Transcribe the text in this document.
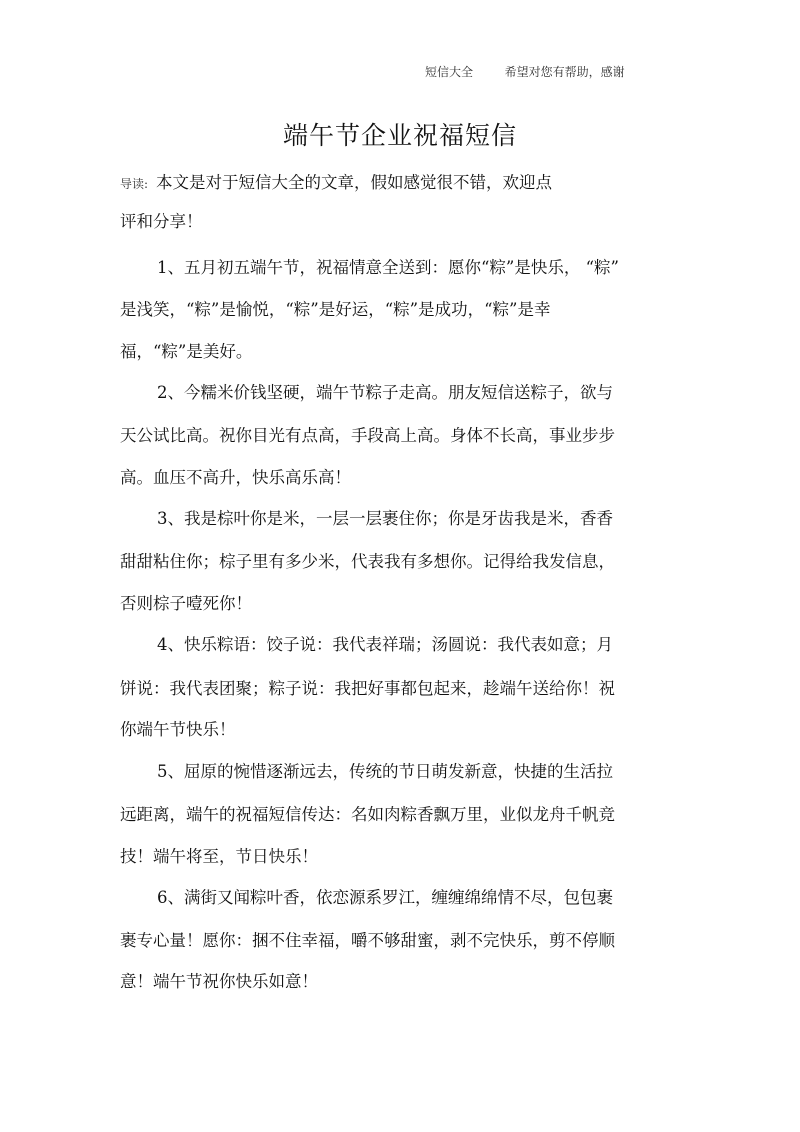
短信大全	希望对您有帮助，感谢
端午节企业祝福短信
导读: 本文是对于短信大全的文章，假如感觉很不错，欢迎点
评和分享！
1、五月初五端午节，祝福情意全送到：愿你“粽”是快乐， “粽”
是浅笑，“粽”是愉悦，“粽”是好运，“粽”是成功，“粽”是幸
福，“粽”是美好。
2、今糯米价钱坚硬，端午节粽子走高。朋友短信送粽子，欲与
天公试比高。祝你目光有点高，手段高上高。身体不长高，事业步步
高。血压不高升，快乐高乐高！
3、我是棕叶你是米，一层一层裹住你；你是牙齿我是米，香香
甜甜粘住你；棕子里有多少米，代表我有多想你。记得给我发信息，
否则棕子噎死你！
4、快乐粽语：饺子说：我代表祥瑞；汤圆说：我代表如意；月
饼说：我代表团聚；粽子说：我把好事都包起来，趁端午送给你！祝
你端午节快乐！
5、屈原的惋惜逐渐远去，传统的节日萌发新意，快捷的生活拉
远距离，端午的祝福短信传达：名如肉粽香飘万里，业似龙舟千帆竞
技！端午将至，节日快乐！
6、满街又闻粽叶香，依恋源系罗江，缠缠绵绵情不尽，包包裹
裹专心量！愿你：捆不住幸福，嚼不够甜蜜，剥不完快乐，剪不停顺
意！端午节祝你快乐如意！
